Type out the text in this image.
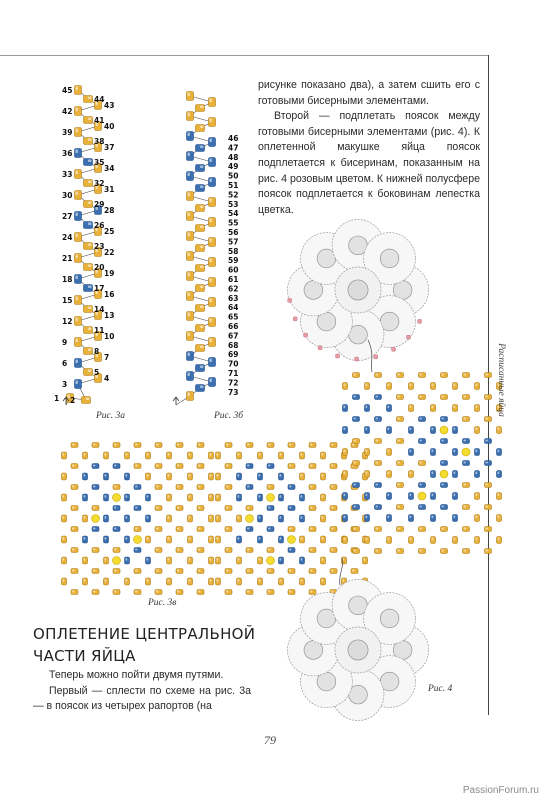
рисунке показано два), а затем сшить его с готовыми бисерными элементами.

Второй — подплетать поясок между готовыми бисерными элементами (рис. 4). К оплетенной макушке яйца поясок подплетается к бисеринам, показанным на рис. 4 розовым цветом. К нижней полусфере поясок подплетается к боковинам лепестка цветка.

1 2
3
4
5
6
7
8
9
10
11
12
13
14
15
16
17
18
19
20
21
22
23
24
25
26
27
28
29
30
31
32
33
34
35
36
37
38
39
40
41
42
43
44
45
Рис. 3а
46
47
48
49
50
51
52
53
54
55
56
57
58
59
60
61
62
63
64
65
66
67
68
69
70
71
72
73
Рис. 3б
Рис. 3в
Рис. 4
ОПЛЕТЕНИЕ ЦЕНТРАЛЬНОЙ ЧАСТИ ЯЙЦА

Теперь можно пойти двумя путями.

Первый — сплести по схеме на рис. 3а — в поясок из четырех рапортов (на

Расписанные яйца
79
PassionForum.ru
